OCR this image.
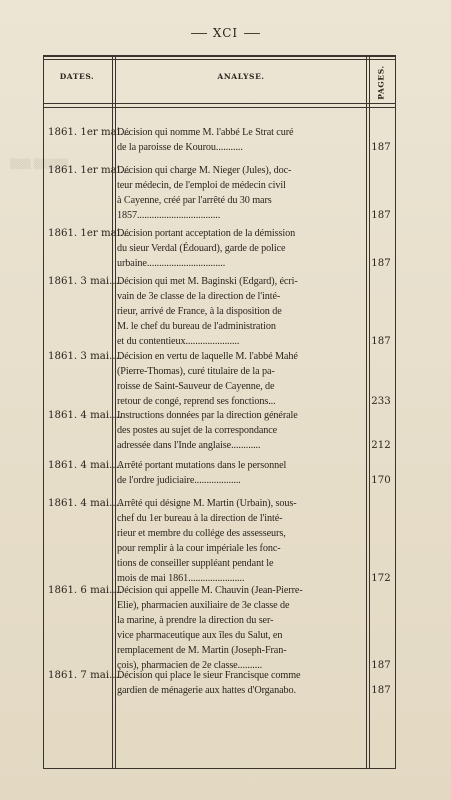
XCI
DATES.	ANALYSE.	PAGES.
▒▒▒ ▒▒▒▒▒
1861. 1er mai...
Décision qui nomme M. l'abbé Le Strat curé
de la paroisse de Kourou...........	187
1861. 1er mai...
Décision qui charge M. Nieger (Jules), doc-
teur médecin, de l'emploi de médecin civil
à Cayenne, créé par l'arrêté du 30 mars
1857..................................	187
1861. 1er mai...
Décision portant acceptation de la démission
du sieur Verdal (Édouard), garde de police
urbaine................................	187
1861. 3 mai....
Décision qui met M. Baginski (Edgard), écri-
vain de 3e classe de la direction de l'inté-
rieur, arrivé de France, à la disposition de
M. le chef du bureau de l'administration
et du contentieux......................	187
1861. 3 mai....
Décision en vertu de laquelle M. l'abbé Mahé
(Pierre-Thomas), curé titulaire de la pa-
roisse de Saint-Sauveur de Cayenne, de
retour de congé, reprend ses fonctions...	233
1861. 4 mai....
Instructions données par la direction générale
des postes au sujet de la correspondance
adressée dans l'Inde anglaise............	212
1861. 4 mai....
Arrêté portant mutations dans le personnel
de l'ordre judiciaire...................	170
1861. 4 mai....
Arrêté qui désigne M. Martin (Urbain), sous-
chef du 1er bureau à la direction de l'inté-
rieur et membre du collége des assesseurs,
pour remplir à la cour impériale les fonc-
tions de conseiller suppléant pendant le
mois de mai 1861.......................	172
1861. 6 mai....
Décision qui appelle M. Chauvin (Jean-Pierre-
Elie), pharmacien auxiliaire de 3e classe de
la marine, à prendre la direction du ser-
vice pharmaceutique aux îles du Salut, en
remplacement de M. Martin (Joseph-Fran-
çois), pharmacien de 2e classe..........	187
1861. 7 mai....
Décision qui place le sieur Francisque comme
gardien de ménagerie aux hattes d'Organabo.	187
